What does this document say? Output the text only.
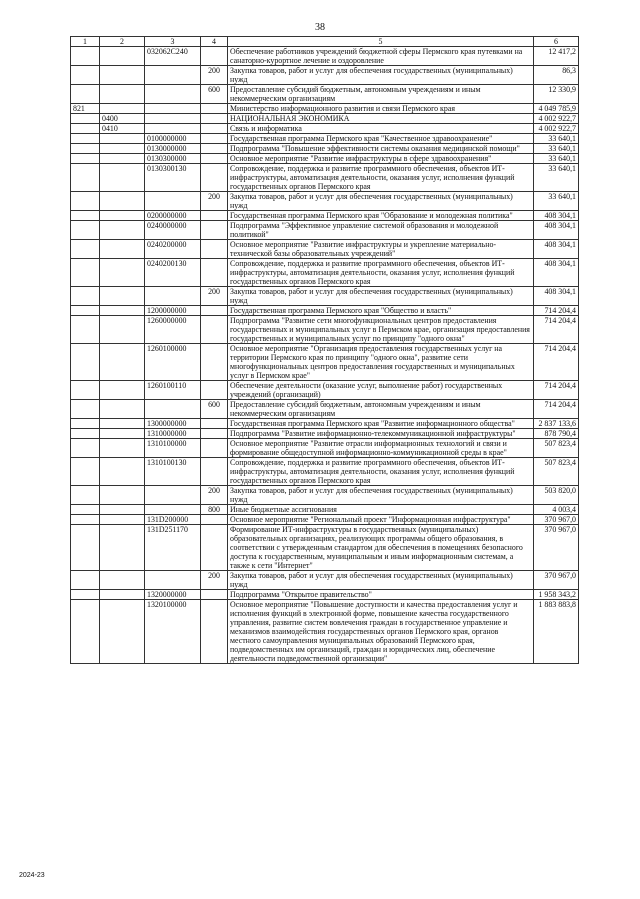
38
1	2	3	4	5	6
		032062C240		Обеспечение работников учреждений бюджетной сферы Пермского края путевками на санаторно-курортное лечение и оздоровление	12 417,2
			200	Закупка товаров, работ и услуг для обеспечения государственных (муниципальных) нужд	86,3
			600	Предоставление субсидий бюджетным, автономным учреждениям и иным некоммерческим организациям	12 330,9
821				Министерство информационного развития и связи Пермского края	4 049 785,9
	0400			НАЦИОНАЛЬНАЯ ЭКОНОМИКА	4 002 922,7
	0410			Связь и информатика	4 002 922,7
		0100000000		Государственная программа Пермского края "Качественное здравоохранение"	33 640,1
		0130000000		Подпрограмма "Повышение эффективности системы оказания медицинской помощи"	33 640,1
		0130300000		Основное мероприятие "Развитие инфраструктуры в сфере здравоохранения"	33 640,1
		0130300130		Сопровождение, поддержка и развитие программного обеспечения, объектов ИТ-инфраструктуры, автоматизация деятельности, оказания услуг, исполнения функций государственных органов Пермского края	33 640,1
			200	Закупка товаров, работ и услуг для обеспечения государственных (муниципальных) нужд	33 640,1
		0200000000		Государственная программа Пермского края "Образование и молодежная политика"	408 304,1
		0240000000		Подпрограмма "Эффективное управление системой образования и молодежной политикой"	408 304,1
		0240200000		Основное мероприятие "Развитие инфраструктуры и укрепление материально-технической базы образовательных учреждений"	408 304,1
		0240200130		Сопровождение, поддержка и развитие программного обеспечения, объектов ИТ-инфраструктуры, автоматизация деятельности, оказания услуг, исполнения функций государственных органов Пермского края	408 304,1
			200	Закупка товаров, работ и услуг для обеспечения государственных (муниципальных) нужд	408 304,1
		1200000000		Государственная программа Пермского края "Общество и власть"	714 204,4
		1260000000		Подпрограмма "Развитие сети многофункциональных центров предоставления государственных и муниципальных услуг в Пермском крае, организация предоставления государственных и муниципальных услуг по принципу "одного окна"	714 204,4
		1260100000		Основное мероприятие "Организация предоставления государственных услуг на территории Пермского края по принципу "одного окна", развитие сети многофункциональных центров предоставления государственных и муниципальных услуг в Пермском крае"	714 204,4
		1260100110		Обеспечение деятельности (оказание услуг, выполнение работ) государственных учреждений (организаций)	714 204,4
			600	Предоставление субсидий бюджетным, автономным учреждениям и иным некоммерческим организациям	714 204,4
		1300000000		Государственная программа Пермского края "Развитие информационного общества"	2 837 133,6
		1310000000		Подпрограмма "Развитие информационно-телекоммуникационной инфраструктуры"	878 790,4
		1310100000		Основное мероприятие "Развитие отрасли информационных технологий и связи и формирование общедоступной информационно-коммуникационной среды в крае"	507 823,4
		1310100130		Сопровождение, поддержка и развитие программного обеспечения, объектов ИТ-инфраструктуры, автоматизация деятельности, оказания услуг, исполнения функций государственных органов Пермского края	507 823,4
			200	Закупка товаров, работ и услуг для обеспечения государственных (муниципальных) нужд	503 820,0
			800	Иные бюджетные ассигнования	4 003,4
		131D200000		Основное мероприятие "Региональный проект "Информационная инфраструктура"	370 967,0
		131D251170		Формирование ИТ-инфраструктуры в государственных (муниципальных) образовательных организациях, реализующих программы общего образования, в соответствии с утвержденным стандартом для обеспечения в помещениях безопасного доступа к государственным, муниципальным и иным информационным системам, а также к сети "Интернет"	370 967,0
			200	Закупка товаров, работ и услуг для обеспечения государственных (муниципальных) нужд	370 967,0
		1320000000		Подпрограмма "Открытое правительство"	1 958 343,2
		1320100000		Основное мероприятие "Повышение доступности и качества предоставления услуг и исполнения функций в электронной форме, повышение качества государственного управления, развитие систем вовлечения граждан в государственное управление и механизмов взаимодействия государственных органов Пермского края, органов местного самоуправления муниципальных образований Пермского края, подведомственных им организаций, граждан и юридических лиц, обеспечение деятельности подведомственной организации"	1 883 883,8
2024-23
